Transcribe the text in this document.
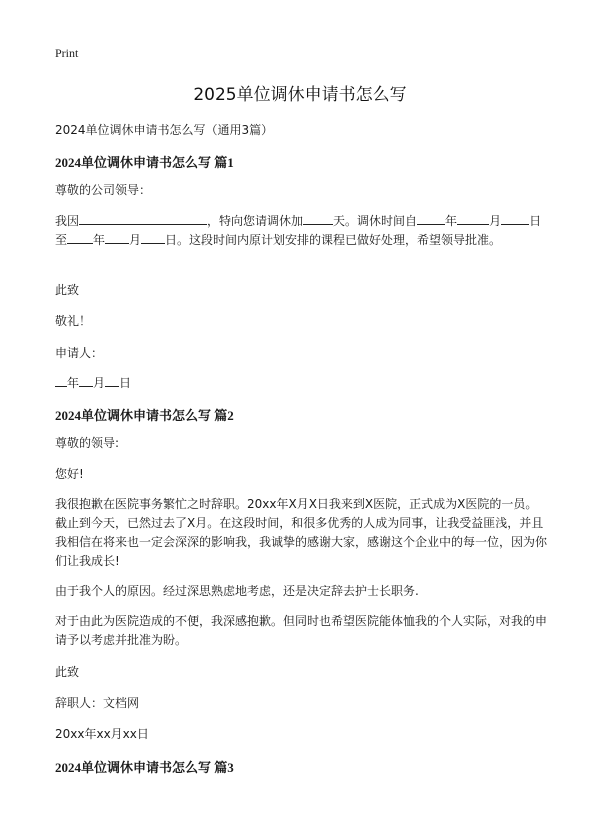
Print
2025单位调休申请书怎么写

2024单位调休申请书怎么写（通用3篇）

2024单位调休申请书怎么写 篇1

尊敬的公司领导：

我因	，特向您请调休加	天。调休时间自 年	月 日至 年 月 日。这段时间内原计划安排的课程已做好处理，希望领导批准。

此致

敬礼！

申请人：

年 月 日

2024单位调休申请书怎么写 篇2

尊敬的领导:

您好!

我很抱歉在医院事务繁忙之时辞职。20xx年X月X日我来到X医院，正式成为X医院的一员。截止到今天，已然过去了X月。在这段时间，和很多优秀的人成为同事，让我受益匪浅，并且我相信在将来也一定会深深的影响我，我诚挚的感谢大家，感谢这个企业中的每一位，因为你们让我成长!

由于我个人的原因。经过深思熟虑地考虑，还是决定辞去护士长职务.

对于由此为医院造成的不便，我深感抱歉。但同时也希望医院能体恤我的个人实际，对我的申请予以考虑并批准为盼。

此致

辞职人：文档网

20xx年xx月xx日

2024单位调休申请书怎么写 篇3
